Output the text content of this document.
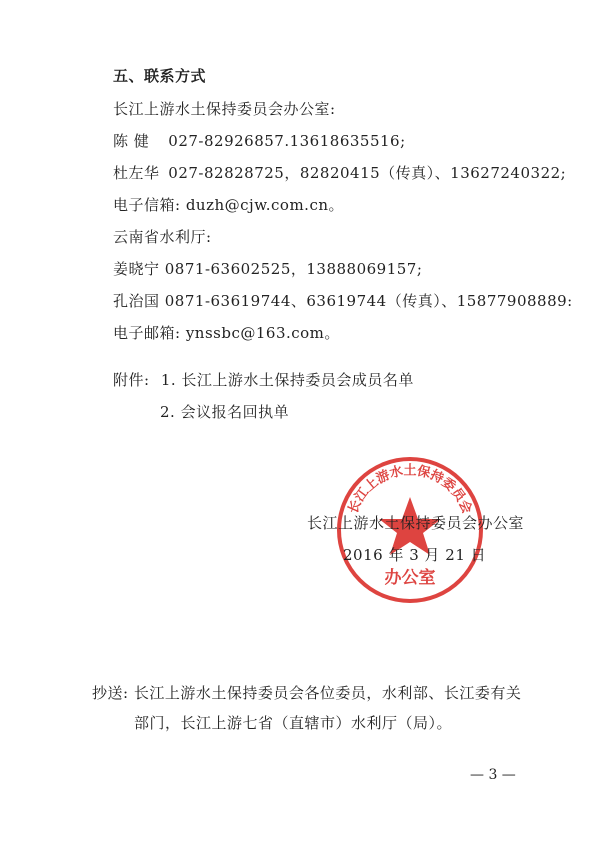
五、联系方式
长江上游水土保持委员会办公室:
陈 健 027-82926857.13618635516;
杜左华 027-82828725，82820415（传真）、13627240322;
电子信箱: duzh@cjw.com.cn。
云南省水利厅:
姜晓宁 0871-63602525，13888069157;
孔治国 0871-63619744、63619744（传真）、15877908889:
电子邮箱: ynssbc@163.com。
附件: 1. 长江上游水土保持委员会成员名单
2. 会议报名回执单
长江上游水土保持委员会
办公室
长江上游水土保持委员会办公室
2016 年 3 月 21 日
抄送: 长江上游水土保持委员会各位委员，水利部、长江委有关
部门，长江上游七省（直辖市）水利厅（局）。
— 3 —
